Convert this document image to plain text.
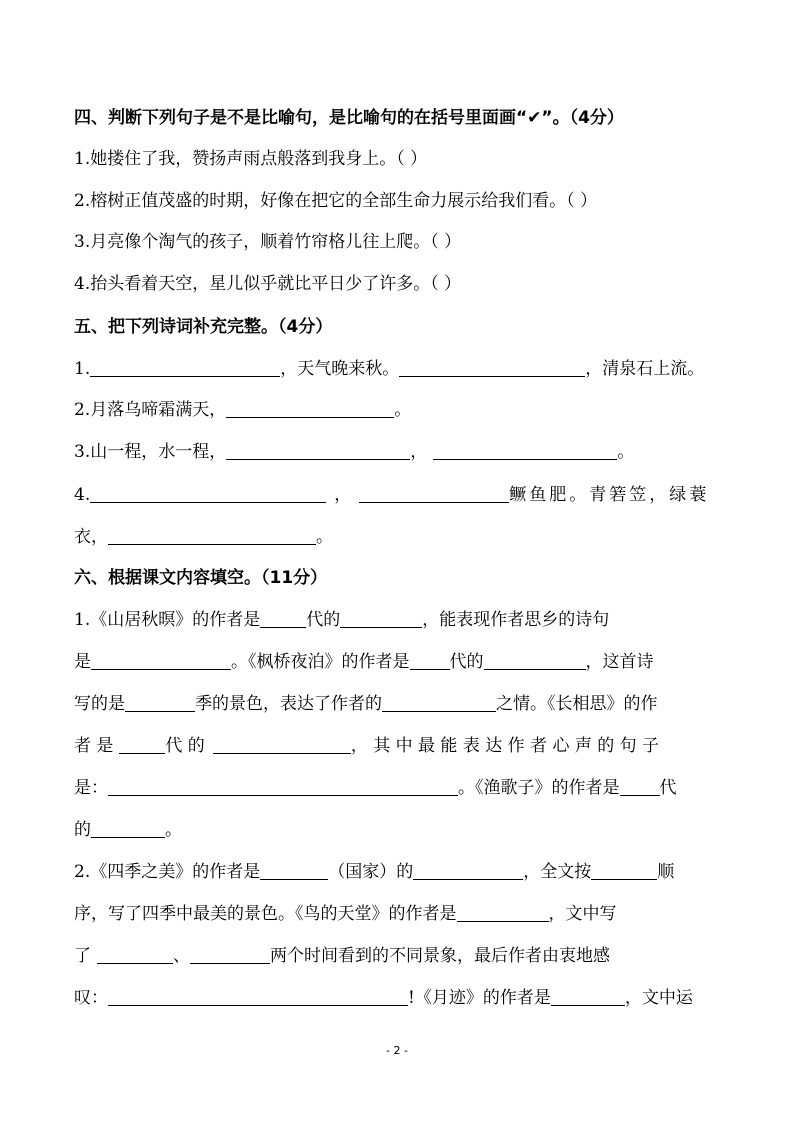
四、判断下列句子是不是比喻句，是比喻句的在括号里面画“✔”。（4分）
1.她搂住了我，赞扬声雨点般落到我身上。（ ）
2.榕树正值茂盛的时期，好像在把它的全部生命力展示给我们看。（ ）
3.月亮像个淘气的孩子，顺着竹帘格儿往上爬。（ ）
4.抬头看着天空，星儿似乎就比平日少了许多。（ ）
五、把下列诗词补充完整。（4分）
1.	，天气晚来秋。	，清泉石上流。
2.月落乌啼霜满天，	。
3.山一程，水一程，	，	。
4.	，	鳜鱼肥。青箬笠，绿蓑
衣，	。
六、根据课文内容填空。（11分）
1.《山居秋暝》的作者是	代的	，能表现作者思乡的诗句
是	。《枫桥夜泊》的作者是 代的	，这首诗
写的是	季的景色，表达了作者的	之情。《长相思》的作
者 是	代 的	， 其 中 最 能 表 达 作 者 心 声 的 句 子
是：	。《渔歌子》的作者是 代
的	。
2.《四季之美》的作者是	（国家）的	，全文按	顺
序，写了四季中最美的景色。《鸟的天堂》的作者是	，文中写
了	、	两个时间看到的不同景象，最后作者由衷地感
叹：	!《月迹》的作者是	，文中运
- 2 -
